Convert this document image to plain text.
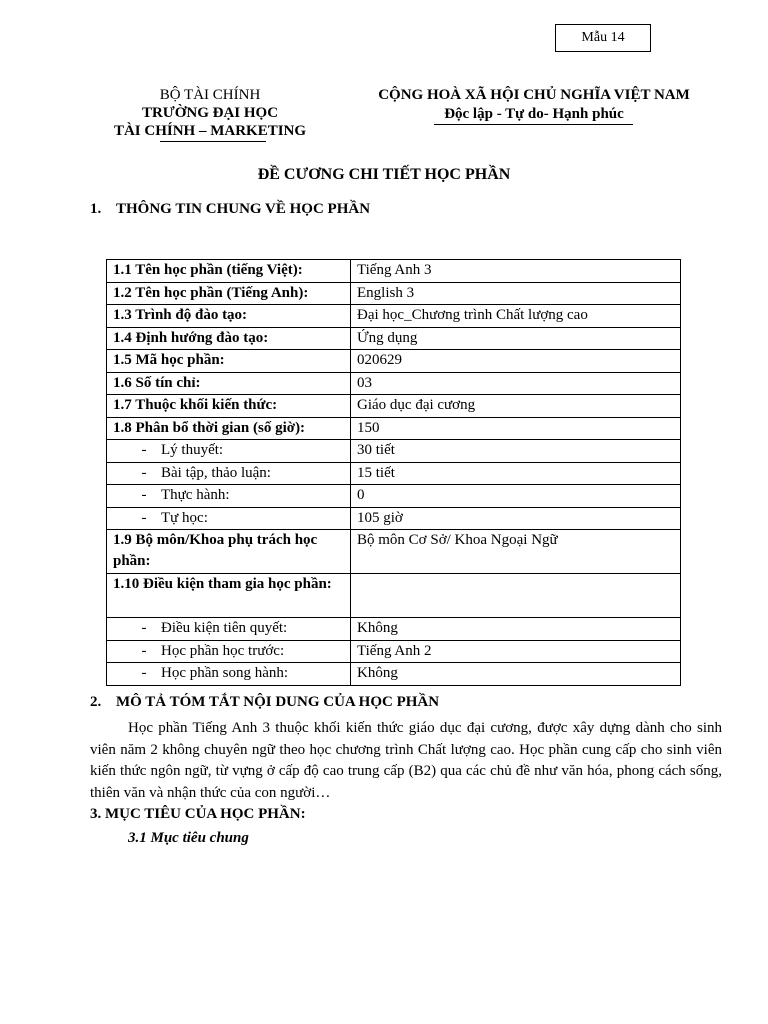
Mẫu 14
BỘ TÀI CHÍNH
TRƯỜNG ĐẠI HỌC
TÀI CHÍNH – MARKETING
CỘNG HOÀ XÃ HỘI CHỦ NGHĨA VIỆT NAM
Độc lập - Tự do- Hạnh phúc
ĐỀ CƯƠNG CHI TIẾT HỌC PHẦN
1. THÔNG TIN CHUNG VỀ HỌC PHẦN
1.1 Tên học phần (tiếng Việt):	Tiếng Anh 3
1.2 Tên học phần (Tiếng Anh):	English 3
1.3 Trình độ đào tạo:	Đại học_Chương trình Chất lượng cao
1.4 Định hướng đào tạo:	Ứng dụng
1.5 Mã học phần:	020629
1.6 Số tín chỉ:	03
1.7 Thuộc khối kiến thức:	Giáo dục đại cương
1.8 Phân bổ thời gian (số giờ):	150
- Lý thuyết:	30 tiết
- Bài tập, thảo luận:	15 tiết
- Thực hành:	0
- Tự học:	105 giờ
1.9 Bộ môn/Khoa phụ trách học phần:	Bộ môn Cơ Sở/ Khoa Ngoại Ngữ
1.10 Điều kiện tham gia học phần:	
- Điều kiện tiên quyết:	Không
- Học phần học trước:	Tiếng Anh 2
- Học phần song hành:	Không
2. MÔ TẢ TÓM TẮT NỘI DUNG CỦA HỌC PHẦN
Học phần Tiếng Anh 3 thuộc khối kiến thức giáo dục đại cương, được xây dựng dành cho sinh viên năm 2 không chuyên ngữ theo học chương trình Chất lượng cao. Học phần cung cấp cho sinh viên kiến thức ngôn ngữ, từ vựng ở cấp độ cao trung cấp (B2) qua các chủ đề như văn hóa, phong cách sống, thiên văn và nhận thức của con người…
3. MỤC TIÊU CỦA HỌC PHẦN:
3.1 Mục tiêu chung
